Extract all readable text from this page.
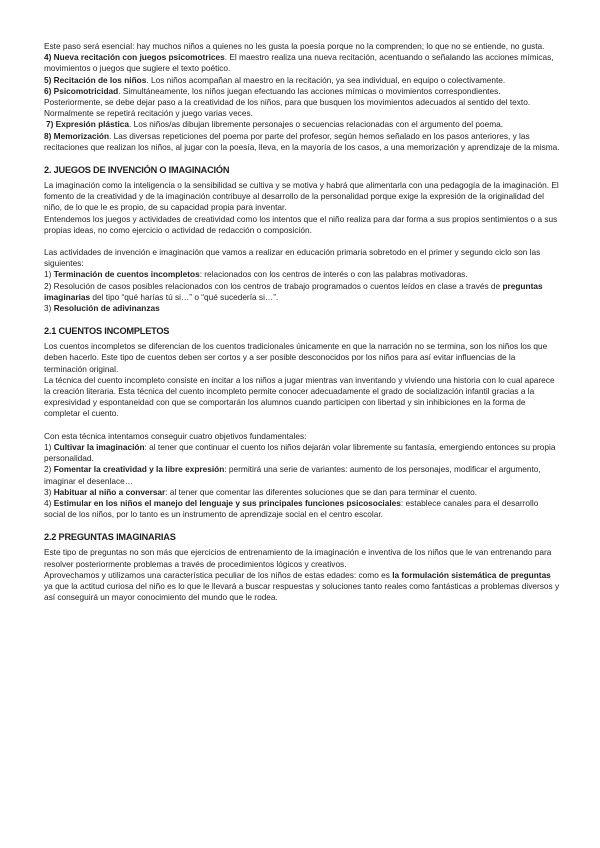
Este paso será esencial: hay muchos niños a quienes no les gusta la poesía porque no la comprenden; lo que no se entiende, no gusta.

4) Nueva recitación con juegos psicomotrices. El maestro realiza una nueva recitación, acentuando o señalando las acciones mímicas, movimientos o juegos que sugiere el texto poético.

5) Recitación de los niños. Los niños acompañan al maestro en la recitación, ya sea individual, en equipo o colectivamente.

6) Psicomotricidad. Simultáneamente, los niños juegan efectuando las acciones mímicas o movimientos correspondientes.

Posteriormente, se debe dejar paso a la creatividad de los niños, para que busquen los movimientos adecuados al sentido del texto. Normalmente se repetirá recitación y juego varias veces.

7) Expresión plástica. Los niños/as dibujan libremente personajes o secuencias relacionadas con el argumento del poema.

8) Memorización. Las diversas repeticiones del poema por parte del profesor, según hemos señalado en los pasos anteriores, y las recitaciones que realizan los niños, al jugar con la poesía, lleva, en la mayoría de los casos, a una memorización y aprendizaje de la misma.

2. JUEGOS DE INVENCIÓN O IMAGINACIÓN

La imaginación como la inteligencia o la sensibilidad se cultiva y se motiva y habrá que alimentarla con una pedagogía de la imaginación. El fomento de la creatividad y de la imaginación contribuye al desarrollo de la personalidad porque exige la expresión de la originalidad del niño, de lo que le es propio, de su capacidad propia para inventar.

Entendemos los juegos y actividades de creatividad como los intentos que el niño realiza para dar forma a sus propios sentimientos o a sus propias ideas, no como ejercicio o actividad de redacción o composición.

Las actividades de invención e imaginación que vamos a realizar en educación primaria sobretodo en el primer y segundo ciclo son las siguientes:

1) Terminación de cuentos incompletos: relacionados con los centros de interés o con las palabras motivadoras.

2) Resolución de casos posibles relacionados con los centros de trabajo programados o cuentos leídos en clase a través de preguntas imaginarias del tipo “qué harías tú si…” o “qué sucedería si…”.

3) Resolución de adivinanzas

2.1 CUENTOS INCOMPLETOS

Los cuentos incompletos se diferencian de los cuentos tradicionales únicamente en que la narración no se termina, son los niños los que deben hacerlo. Este tipo de cuentos deben ser cortos y a ser posible desconocidos por los niños para así evitar influencias de la terminación original.

La técnica del cuento incompleto consiste en incitar a los niños a jugar mientras van inventando y viviendo una historia con lo cual aparece la creación literaria. Esta técnica del cuento incompleto permite conocer adecuadamente el grado de socialización infantil gracias a la expresividad y espontaneidad con que se comportarán los alumnos cuando participen con libertad y sin inhibiciones en la forma de completar el cuento.

Con esta técnica intentamos conseguir cuatro objetivos fundamentales:

1) Cultivar la imaginación: al tener que continuar el cuento los niños dejarán volar libremente su fantasía, emergiendo entonces su propia personalidad.

2) Fomentar la creatividad y la libre expresión: permitirá una serie de variantes: aumento de los personajes, modificar el argumento, imaginar el desenlace…

3) Habituar al niño a conversar: al tener que comentar las diferentes soluciones que se dan para terminar el cuento.

4) Estimular en los niños el manejo del lenguaje y sus principales funciones psicosociales: establece canales para el desarrollo social de los niños, por lo tanto es un instrumento de aprendizaje social en el centro escolar.

2.2 PREGUNTAS IMAGINARIAS

Este tipo de preguntas no son más que ejercicios de entrenamiento de la imaginación e inventiva de los niños que le van entrenando para resolver posteriormente problemas a través de procedimientos lógicos y creativos.

Aprovechamos y utilizamos una característica peculiar de los niños de estas edades: como es la formulación sistemática de preguntas ya que la actitud curiosa del niño es lo que le llevará a buscar respuestas y soluciones tanto reales como fantásticas a problemas diversos y así conseguirá un mayor conocimiento del mundo que le rodea.
